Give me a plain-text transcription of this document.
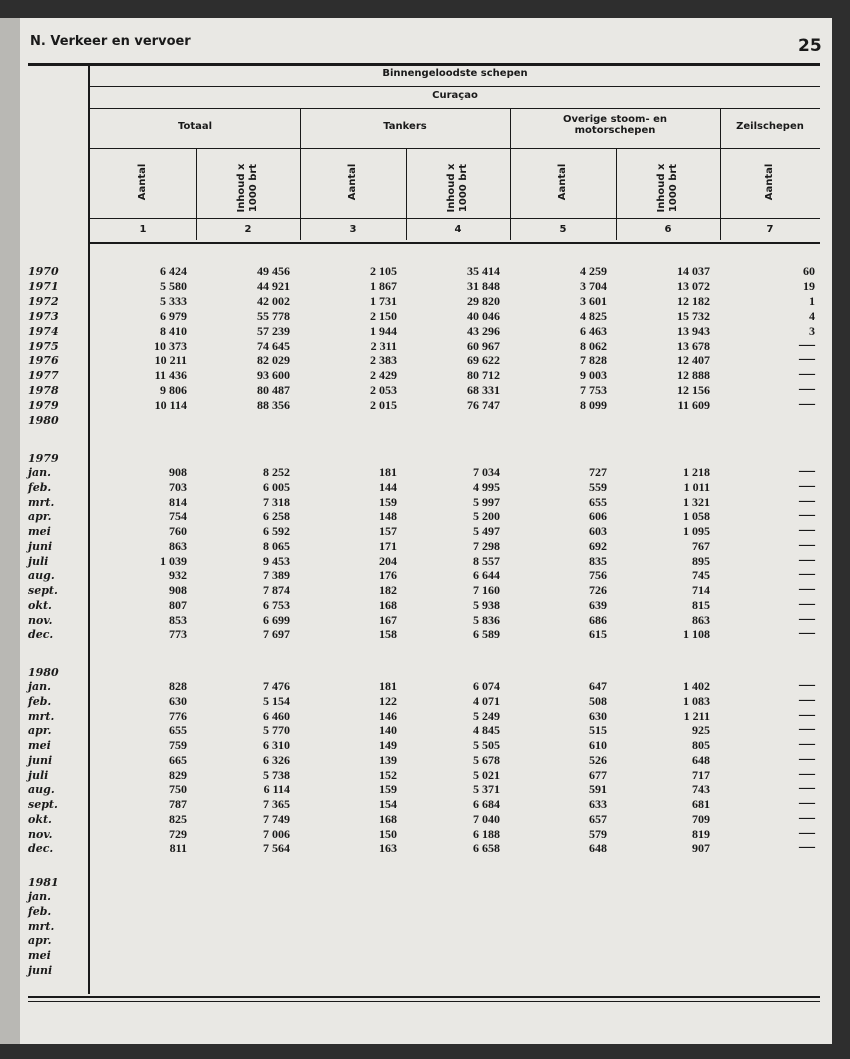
N. Verkeer en vervoer	25
Binnengeloodste schepen
Curaçao
Totaal	Tankers
Overige stoom- en motorschepen	Zeilschepen
Aantal	Inhoud x 1000 brt	Aantal	Inhoud x 1000 brt	Aantal	Inhoud x 1000 brt	Aantal
1	2	3	4	5	6	7
1970	6 424	49 456	2 105	35 414	4 259	14 037	60
1971	5 580	44 921	1 867	31 848	3 704	13 072	19
1972	5 333	42 002	1 731	29 820	3 601	12 182	1
1973	6 979	55 778	2 150	40 046	4 825	15 732	4
1974	8 410	57 239	1 944	43 296	6 463	13 943	3
1975	10 373	74 645	2 311	60 967	8 062	13 678	—
1976	10 211	82 029	2 383	69 622	7 828	12 407	—
1977	11 436	93 600	2 429	80 712	9 003	12 888	—
1978	9 806	80 487	2 053	68 331	7 753	12 156	—
1979	10 114	88 356	2 015	76 747	8 099	11 609	—
1980
1979
jan.	908	8 252	181	7 034	727	1 218	—
feb.	703	6 005	144	4 995	559	1 011	—
mrt.	814	7 318	159	5 997	655	1 321	—
apr.	754	6 258	148	5 200	606	1 058	—
mei	760	6 592	157	5 497	603	1 095	—
juni	863	8 065	171	7 298	692	767	—
juli	1 039	9 453	204	8 557	835	895	—
aug.	932	7 389	176	6 644	756	745	—
sept.	908	7 874	182	7 160	726	714	—
okt.	807	6 753	168	5 938	639	815	—
nov.	853	6 699	167	5 836	686	863	—
dec.	773	7 697	158	6 589	615	1 108	—
1980
jan.	828	7 476	181	6 074	647	1 402	—
feb.	630	5 154	122	4 071	508	1 083	—
mrt.	776	6 460	146	5 249	630	1 211	—
apr.	655	5 770	140	4 845	515	925	—
mei	759	6 310	149	5 505	610	805	—
juni	665	6 326	139	5 678	526	648	—
juli	829	5 738	152	5 021	677	717	—
aug.	750	6 114	159	5 371	591	743	—
sept.	787	7 365	154	6 684	633	681	—
okt.	825	7 749	168	7 040	657	709	—
nov.	729	7 006	150	6 188	579	819	—
dec.	811	7 564	163	6 658	648	907	—
1981
jan.
feb.
mrt.
apr.
mei
juni
